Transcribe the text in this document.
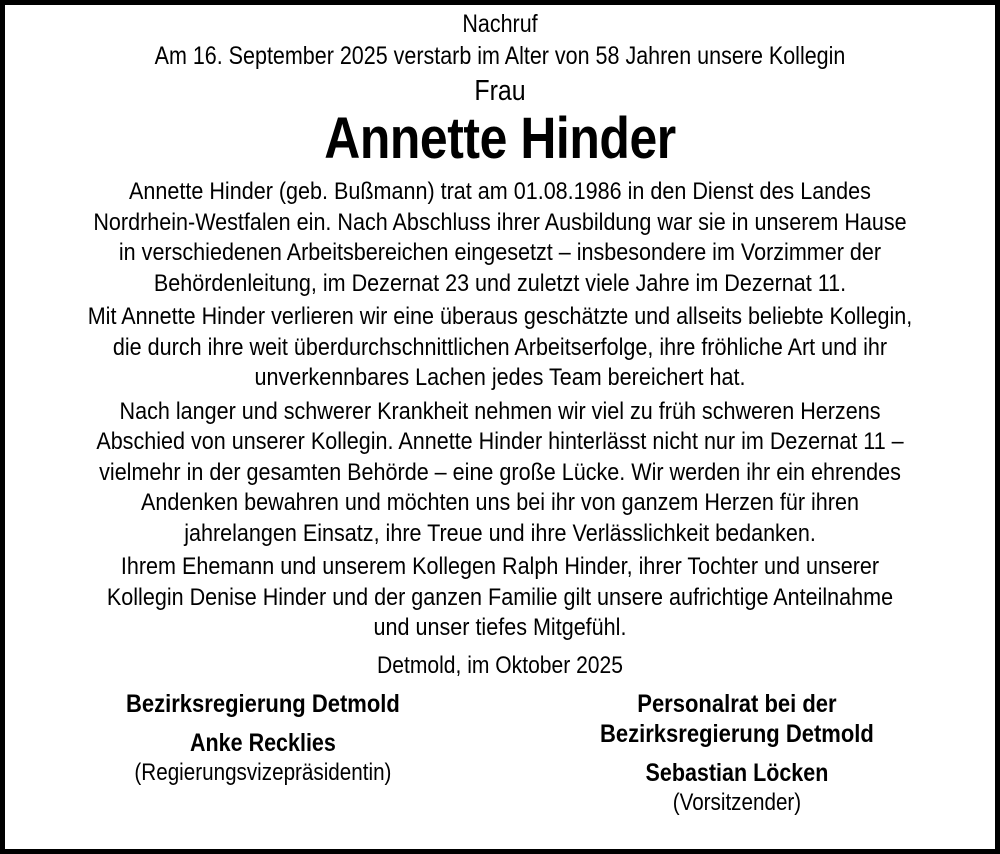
Nachruf
Am 16. September 2025 verstarb im Alter von 58 Jahren unsere Kollegin
Frau
Annette Hinder

Annette Hinder (geb. Bußmann) trat am 01.08.1986 in den Dienst des Landes Nordrhein-Westfalen ein. Nach Abschluss ihrer Ausbildung war sie in unserem Hause in verschiedenen Arbeitsbereichen eingesetzt – insbesondere im Vorzimmer der Behördenleitung, im Dezernat 23 und zuletzt viele Jahre im Dezernat 11.

Mit Annette Hinder verlieren wir eine überaus geschätzte und allseits beliebte Kollegin, die durch ihre weit überdurchschnittlichen Arbeitserfolge, ihre fröhliche Art und ihr unverkennbares Lachen jedes Team bereichert hat.

Nach langer und schwerer Krankheit nehmen wir viel zu früh schweren Herzens Abschied von unserer Kollegin. Annette Hinder hinterlässt nicht nur im Dezernat 11 – vielmehr in der gesamten Behörde – eine große Lücke. Wir werden ihr ein ehrendes Andenken bewahren und möchten uns bei ihr von ganzem Herzen für ihren jahrelangen Einsatz, ihre Treue und ihre Verlässlichkeit bedanken.

Ihrem Ehemann und unserem Kollegen Ralph Hinder, ihrer Tochter und unserer Kollegin Denise Hinder und der ganzen Familie gilt unsere aufrichtige Anteilnahme und unser tiefes Mitgefühl.

Detmold, im Oktober 2025
Bezirksregierung Detmold
Anke Recklies
(Regierungsvizepräsidentin)
Personalrat bei der Bezirksregierung Detmold
Sebastian Löcken
(Vorsitzender)
